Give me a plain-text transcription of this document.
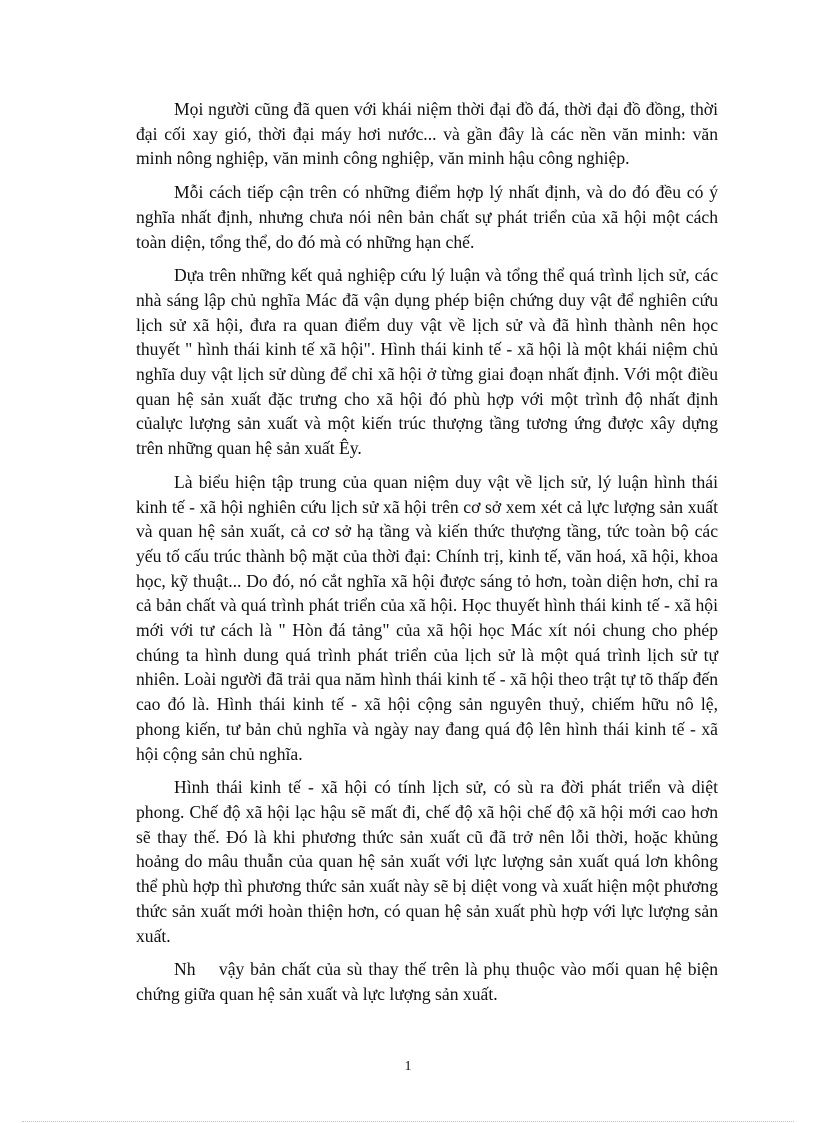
Mọi người cũng đã quen với khái niệm thời đại đồ đá, thời đại đồ đồng, thời đại cối xay gió, thời đại máy hơi nước... và gần đây là các nền văn minh: văn minh nông nghiệp, văn minh công nghiệp, văn minh hậu công nghiệp.

Mỗi cách tiếp cận trên có những điểm hợp lý nhất định, và do đó đều có ý nghĩa nhất định, nhưng chưa nói nên bản chất sự phát triển của xã hội một cách toàn diện, tổng thể, do đó mà có những hạn chế.

Dựa trên những kết quả nghiệp cứu lý luận và tổng thể quá trình lịch sử, các nhà sáng lập chủ nghĩa Mác đã vận dụng phép biện chứng duy vật để nghiên cứu lịch sử xã hội, đưa ra quan điểm duy vật về lịch sử và đã hình thành nên học thuyết " hình thái kinh tế xã hội". Hình thái kinh tế - xã hội là một khái niệm chủ nghĩa duy vật lịch sử dùng để chỉ xã hội ở từng giai đoạn nhất định. Với một điều quan hệ sản xuất đặc trưng cho xã hội đó phù hợp với một trình độ nhất định củalực lượng sản xuất và một kiến trúc thượng tầng tương ứng được xây dựng trên những quan hệ sản xuất Êy.

Là biểu hiện tập trung của quan niệm duy vật về lịch sử, lý luận hình thái kinh tế - xã hội nghiên cứu lịch sử xã hội trên cơ sở xem xét cả lực lượng sản xuất và quan hệ sản xuất, cả cơ sở hạ tầng và kiến thức thượng tầng, tức toàn bộ các yếu tố cấu trúc thành bộ mặt của thời đại: Chính trị, kinh tế, văn hoá, xã hội, khoa học, kỹ thuật... Do đó, nó cắt nghĩa xã hội được sáng tỏ hơn, toàn diện hơn, chỉ ra cả bản chất và quá trình phát triển của xã hội. Học thuyết hình thái kinh tế - xã hội mới với tư cách là " Hòn đá tảng" của xã hội học Mác xít nói chung cho phép chúng ta hình dung quá trình phát triển của lịch sử là một quá trình lịch sử tự nhiên. Loài người đã trải qua năm hình thái kinh tế - xã hội theo trật tự tõ thấp đến cao đó là. Hình thái kinh tế - xã hội cộng sản nguyên thuỷ, chiếm hữu nô lệ, phong kiến, tư bản chủ nghĩa và ngày nay đang quá độ lên hình thái kinh tế - xã hội cộng sản chủ nghĩa.

Hình thái kinh tế - xã hội có tính lịch sử, có sù ra đời phát triển và diệt phong. Chế độ xã hội lạc hậu sẽ mất đi, chế độ xã hội chế độ xã hội mới cao hơn sẽ thay thế. Đó là khi phương thức sản xuất cũ đã trở nên lỗi thời, hoặc khủng hoảng do mâu thuẫn của quan hệ sản xuất với lực lượng sản xuất quá lơn không thể phù hợp thì phương thức sản xuất này sẽ bị diệt vong và xuất hiện một phương thức sản xuất mới hoàn thiện hơn, có quan hệ sản xuất phù hợp với lực lượng sản xuất.

Nh    vậy bản chất của sù thay thế trên là phụ thuộc vào mối quan hệ biện chứng giữa quan hệ sản xuất và lực lượng sản xuất.

1
